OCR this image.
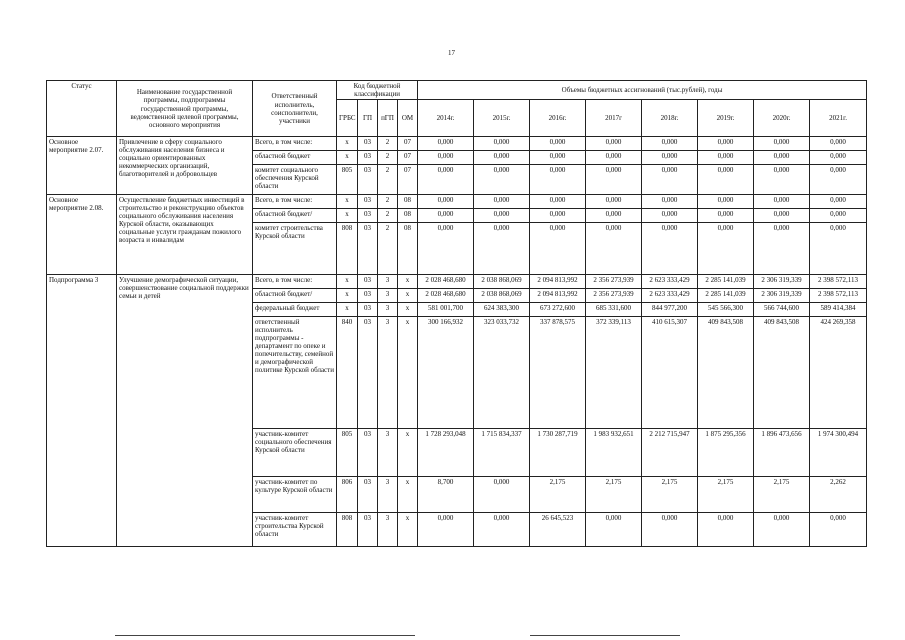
17
Статус	Наименование государственной программы, подпрограммы государственной программы, ведомственной целевой программы, основного мероприятия	Ответственный исполнитель, соисполнители, участники	Код бюджетной классификации				Объемы бюджетных ассигнований (тыс.рублей), годы							
			ГРБС	ГП	пГП	ОМ	2014г.	2015г.	2016г.	2017г	2018г.	2019г.	2020г.	2021г.
Основное мероприятие 2.07.	Привлечение в сферу социального обслуживания населения бизнеса и социально ориентированных некоммерческих организаций, благотворителей и добровольцев	Всего, в том числе:	x	03	2	07	0,000	0,000	0,000	0,000	0,000	0,000	0,000	0,000
		областной бюджет	x	03	2	07	0,000	0,000	0,000	0,000	0,000	0,000	0,000	0,000
		комитет социального обеспечения Курской области	805	03	2	07	0,000	0,000	0,000	0,000	0,000	0,000	0,000	0,000
Основное мероприятие 2.08.	Осуществление бюджетных инвестиций в строительство и реконструкцию объектов социального обслуживания населения Курской области, оказывающих социальные услуги гражданам пожилого возраста и инвалидам	Всего, в том числе:	x	03	2	08	0,000	0,000	0,000	0,000	0,000	0,000	0,000	0,000
		областной бюджет/	x	03	2	08	0,000	0,000	0,000	0,000	0,000	0,000	0,000	0,000
		комитет строительства Курской области	808	03	2	08	0,000	0,000	0,000	0,000	0,000	0,000	0,000	0,000
Подпрограмма 3	Улучшение демографической ситуации, совершенствование социальной поддержки семьи и детей	Всего, в том числе:	x	03	3	x	2 028 468,680	2 038 868,069	2 094 813,992	2 356 273,939	2 623 333,429	2 285 141,039	2 306 319,339	2 398 572,113
		областной бюджет/	x	03	3	x	2 028 468,680	2 038 868,069	2 094 813,992	2 356 273,939	2 623 333,429	2 285 141,039	2 306 319,339	2 398 572,113
		федеральный бюджет	x	03	3	x	581 001,700	624 383,300	673 272,600	685 331,600	844 977,200	545 566,300	566 744,600	589 414,384
		ответственный исполнитель подпрограммы - департамент по опеке и попечительству, семейной и демографической политике Курской области	840	03	3	x	300 166,932	323 033,732	337 878,575	372 339,113	410 615,307	409 843,508	409 843,508	424 269,358
		участник-комитет социального обеспечения Курской области	805	03	3	x	1 728 293,048	1 715 834,337	1 730 287,719	1 983 932,651	2 212 715,947	1 875 295,356	1 896 473,656	1 974 300,494
		участник-комитет по культуре Курской области	806	03	3	x	8,700	0,000	2,175	2,175	2,175	2,175	2,175	2,262
		участник-комитет строительства Курской области	808	03	3	x	0,000	0,000	26 645,523	0,000	0,000	0,000	0,000	0,000
